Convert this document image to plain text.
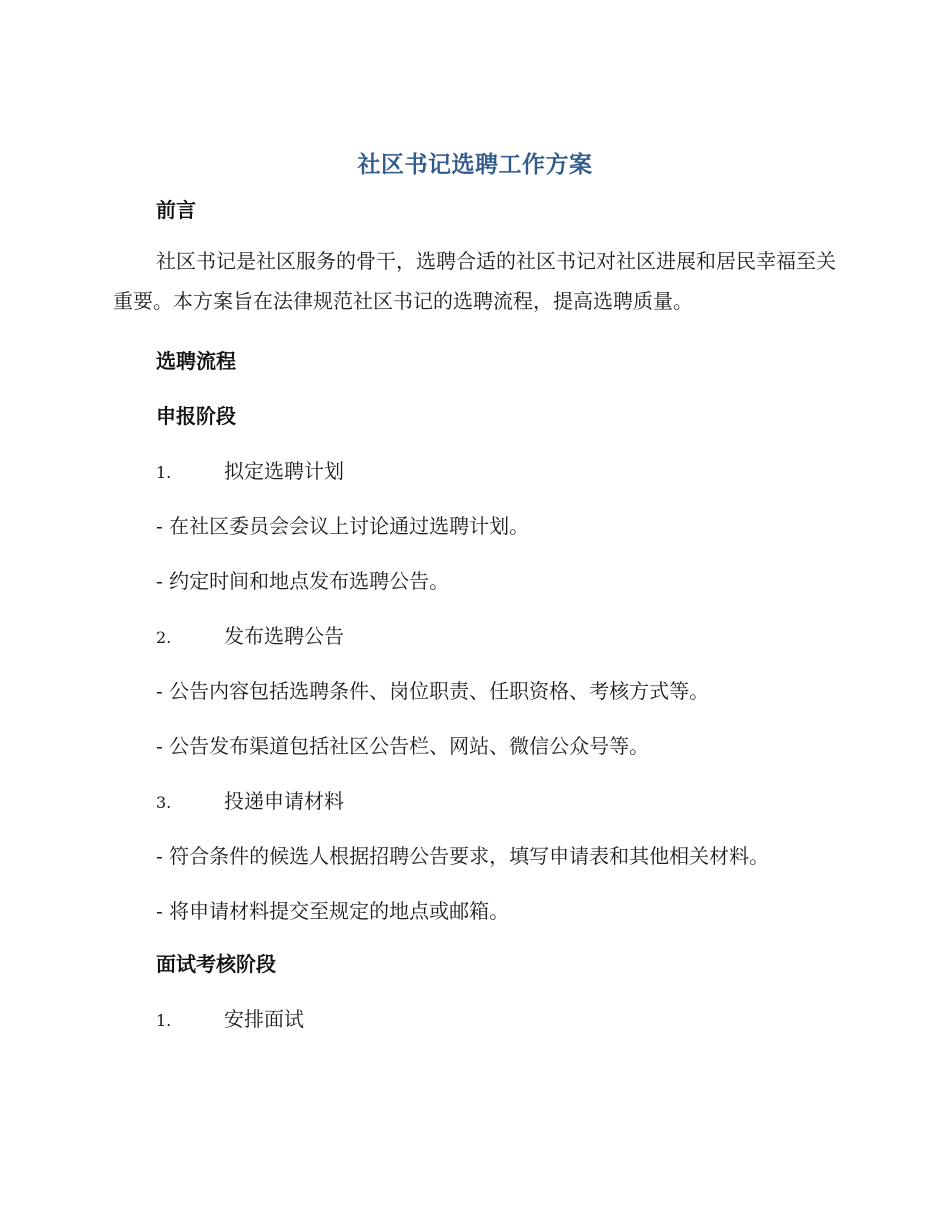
社区书记选聘工作方案
前言
社区书记是社区服务的骨干，选聘合适的社区书记对社区进展和居民幸福至关重要。本方案旨在法律规范社区书记的选聘流程，提高选聘质量。
选聘流程
申报阶段
1.	拟定选聘计划
- 在社区委员会会议上讨论通过选聘计划。
- 约定时间和地点发布选聘公告。
2.	发布选聘公告
- 公告内容包括选聘条件、岗位职责、任职资格、考核方式等。
- 公告发布渠道包括社区公告栏、网站、微信公众号等。
3.	投递申请材料
- 符合条件的候选人根据招聘公告要求，填写申请表和其他相关材料。
- 将申请材料提交至规定的地点或邮箱。
面试考核阶段
1.	安排面试
